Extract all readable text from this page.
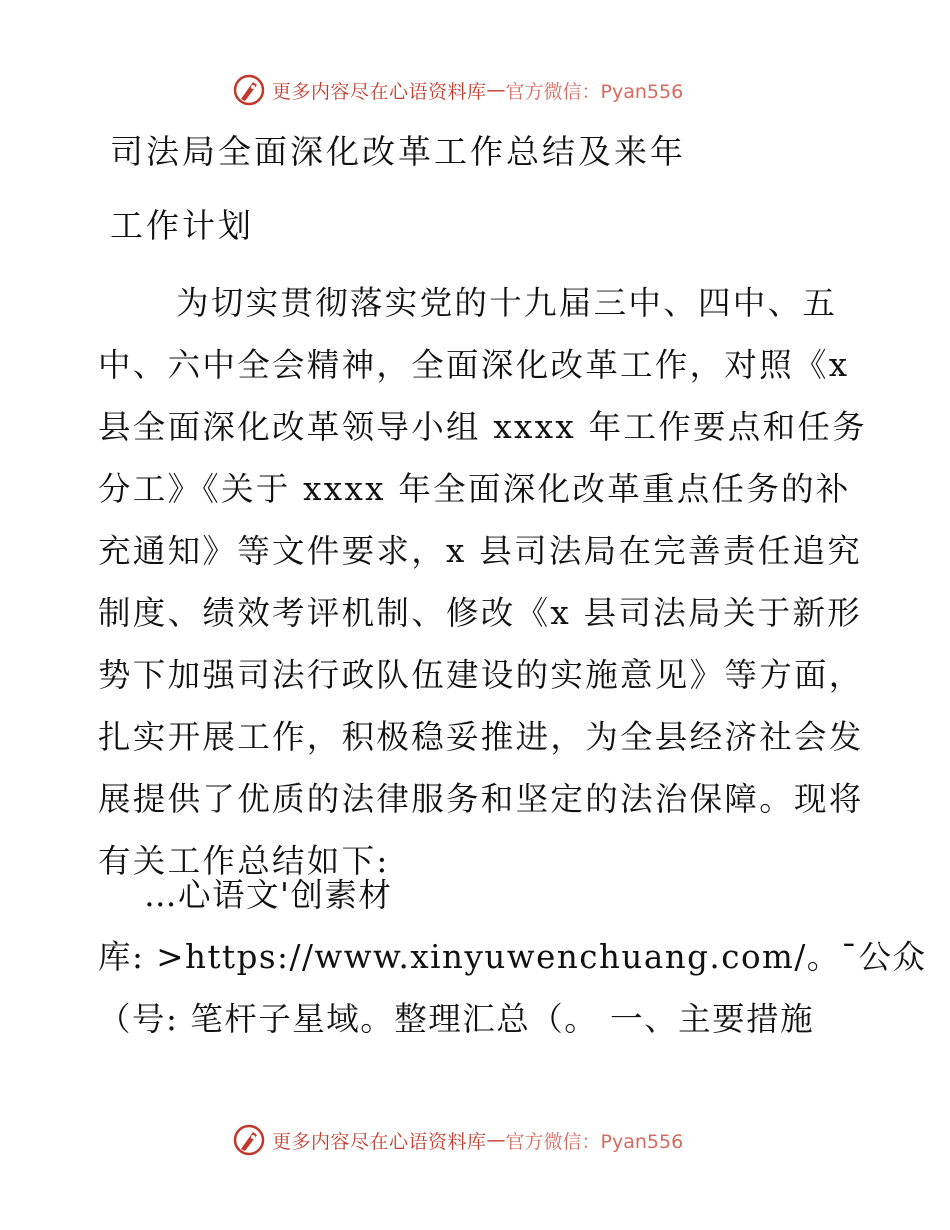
更多内容尽在心语资料库 — 官方微信：Pyan556
司法局全面深化改革工作总结及来年
工作计划
为切实贯彻落实党的十九届三中、四中、五
中、六中全会精神，全面深化改革工作，对照《x
县全面深化改革领导小组 xxxx 年工作要点和任务
分工》《关于 xxxx 年全面深化改革重点任务的补
充通知》等文件要求，x 县司法局在完善责任追究
制度、绩效考评机制、修改《x 县司法局关于新形
势下加强司法行政队伍建设的实施意见》等方面，
扎实开展工作，积极稳妥推进，为全县经济社会发
展提供了优质的法律服务和坚定的法治保障。现将
有关工作总结如下:
…心语文'创素材
库: >https://www.xinyuwenchuang.com/。¯公众
（号: 笔杆子星域。整理汇总（。 一、主要措施
更多内容尽在心语资料库 — 官方微信：Pyan556
